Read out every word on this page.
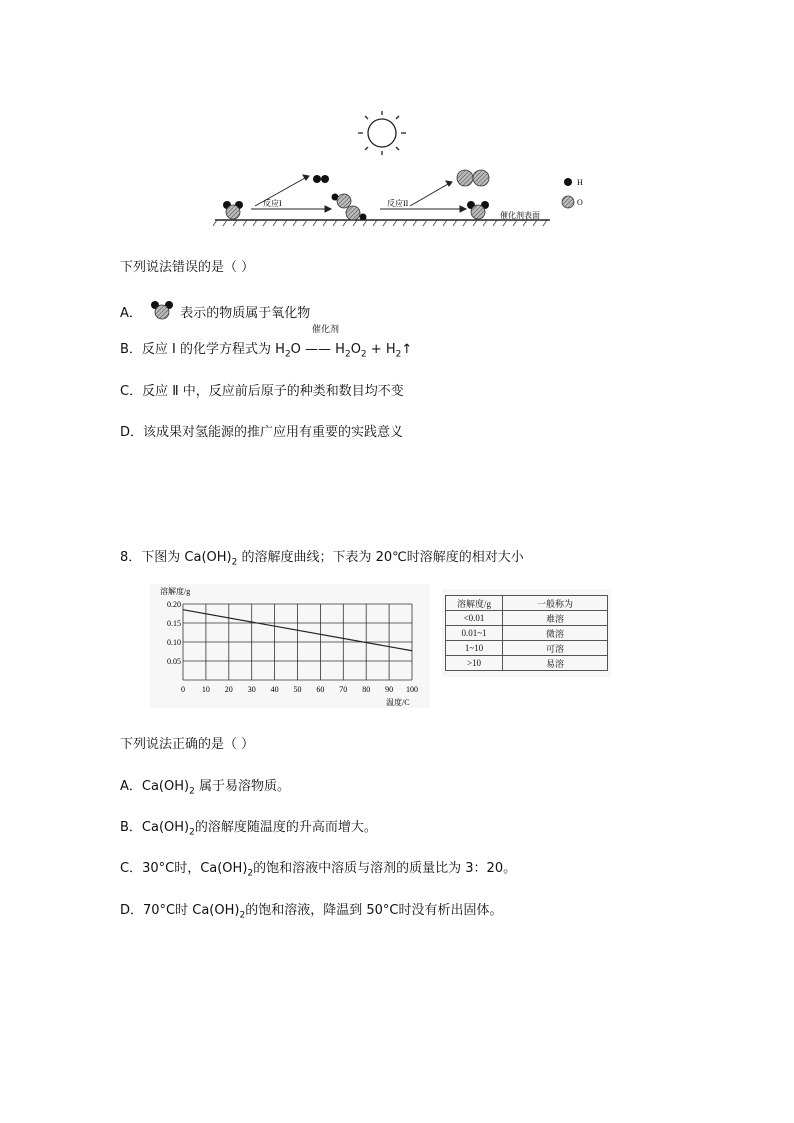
反应I	反应II
催化剂表面
H
O
下列说法错误的是（ ）
A．	表示的物质属于氧化物
催化剂
B．反应 Ⅰ 的化学方程式为 $H_2O$ —— $H_2O_2$ + $H_2↑$
C．反应 Ⅱ 中，反应前后原子的种类和数目均不变
D．该成果对氢能源的推广应用有重要的实践意义
8．下图为 $Ca(OH)_2$ 的溶解度曲线；下表为 20℃时溶解度的相对大小
溶解度/g
温度/C
0.20
0.15
0.10
0.05
0 10 20 30 40 50 60 70 80 90 100
溶解度/g	一般称为
<0.01	难溶
0.01~1	微溶
1~10	可溶
>10	易溶
下列说法正确的是（ ）
A．$Ca(OH)_2$ 属于易溶物质。
B．$Ca(OH)_2$的溶解度随温度的升高而增大。
C．30°C时，$Ca(OH)_2$的饱和溶液中溶质与溶剂的质量比为 3：20。
D．70°C时 $Ca(OH)_2$的饱和溶液，降温到 50°C时没有析出固体。
